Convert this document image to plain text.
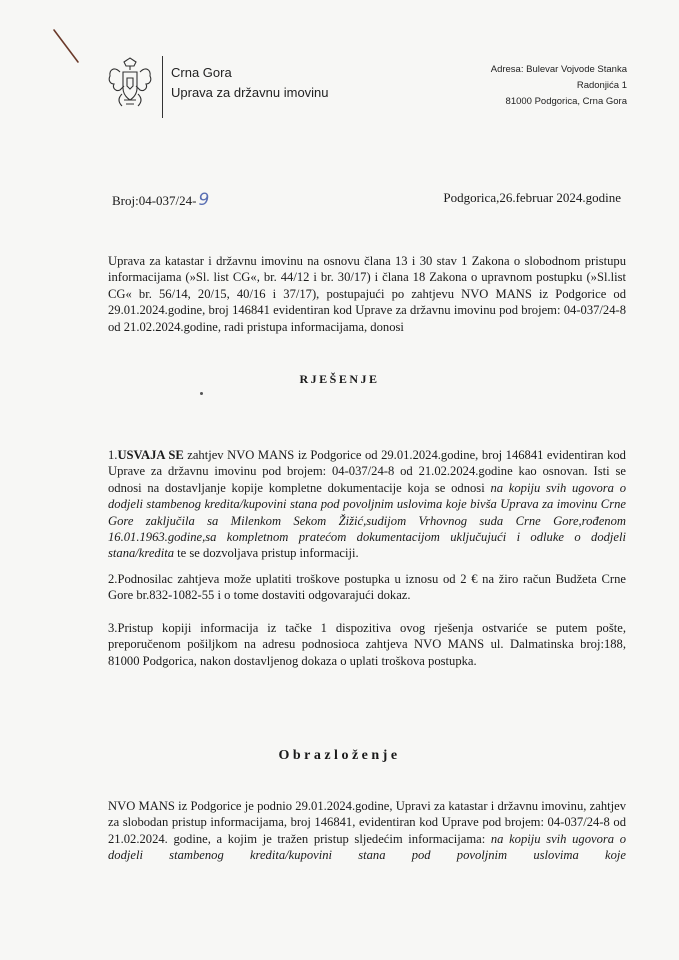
Crna Gora
Uprava za državnu imovinu
Adresa: Bulevar Vojvode Stanka
Radonjića 1
81000 Podgorica, Crna Gora
Broj:04-037/24- 9	Podgorica,26.februar 2024.godine
Uprava za katastar i državnu imovinu na osnovu člana 13 i 30 stav 1 Zakona o slobodnom pristupu informacijama (»Sl. list CG«, br. 44/12 i br. 30/17) i člana 18 Zakona o upravnom postupku (»Sl.list CG« br. 56/14, 20/15, 40/16 i 37/17), postupajući po zahtjevu NVO MANS iz Podgorice od 29.01.2024.godine, broj 146841 evidentiran kod Uprave za državnu imovinu pod brojem: 04-037/24-8 od 21.02.2024.godine, radi pristupa informacijama, donosi
RJEŠENJE
1.USVAJA SE zahtjev NVO MANS iz Podgorice od 29.01.2024.godine, broj 146841 evidentiran kod Uprave za državnu imovinu pod brojem: 04-037/24-8 od 21.02.2024.godine kao osnovan. Isti se odnosi na dostavljanje kopije kompletne dokumentacije koja se odnosi na kopiju svih ugovora o dodjeli stambenog kredita/kupovini stana pod povoljnim uslovima koje bivša Uprava za imovinu Crne Gore zaključila sa Milenkom Sekom Žižić,sudijom Vrhovnog suda Crne Gore,rođenom 16.01.1963.godine,sa kompletnom pratećom dokumentacijom uključujući i odluke o dodjeli stana/kredita te se dozvoljava pristup informaciji.
2.Podnosilac zahtjeva može uplatiti troškove postupka u iznosu od 2 € na žiro račun Budžeta Crne Gore br.832-1082-55 i o tome dostaviti odgovarajući dokaz.
3.Pristup kopiji informacija iz tačke 1 dispozitiva ovog rješenja ostvariće se putem pošte, preporučenom pošiljkom na adresu podnosioca zahtjeva NVO MANS ul. Dalmatinska broj:188, 81000 Podgorica, nakon dostavljenog dokaza o uplati troškova postupka.
Obrazloženje
NVO MANS iz Podgorice je podnio 29.01.2024.godine, Upravi za katastar i državnu imovinu, zahtjev za slobodan pristup informacijama, broj 146841, evidentiran kod Uprave pod brojem: 04-037/24-8 od 21.02.2024. godine, a kojim je tražen pristup sljedećim informacijama: na kopiju svih ugovora o dodjeli stambenog kredita/kupovini stana pod povoljnim uslovima koje
